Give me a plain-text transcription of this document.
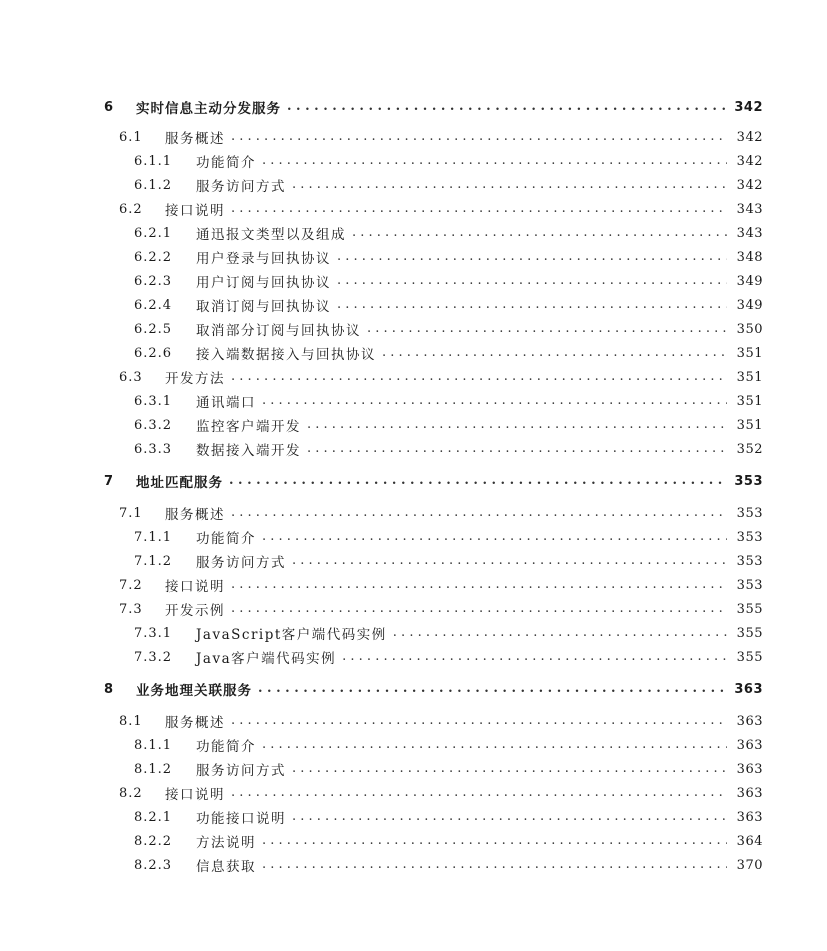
6	实时信息主动分发服务 . . .	342
6.1	服务概述 . . .	342
6.1.1	功能简介 . . .	342
6.1.2	服务访问方式 . . .	342
6.2	接口说明 . . .	343
6.2.1	通迅报文类型以及组成 . . .	343
6.2.2	用户登录与回执协议 . . .	348
6.2.3	用户订阅与回执协议 . . .	349
6.2.4	取消订阅与回执协议 . . .	349
6.2.5	取消部分订阅与回执协议 . . .	350
6.2.6	接入端数据接入与回执协议 . . .	351
6.3	开发方法 . . .	351
6.3.1	通讯端口 . . .	351
6.3.2	监控客户端开发 . . .	351
6.3.3	数据接入端开发 . . .	352
7	地址匹配服务 . . .	353
7.1	服务概述 . . .	353
7.1.1	功能简介 . . .	353
7.1.2	服务访问方式 . . .	353
7.2	接口说明 . . .	353
7.3	开发示例 . . .	355
7.3.1	JavaScript客户端代码实例 . . .	355
7.3.2	Java客户端代码实例 . . .	355
8	业务地理关联服务 . . .	363
8.1	服务概述 . . .	363
8.1.1	功能简介 . . .	363
8.1.2	服务访问方式 . . .	363
8.2	接口说明 . . .	363
8.2.1	功能接口说明 . . .	363
8.2.2	方法说明 . . .	364
8.2.3	信息获取 . . .	370
